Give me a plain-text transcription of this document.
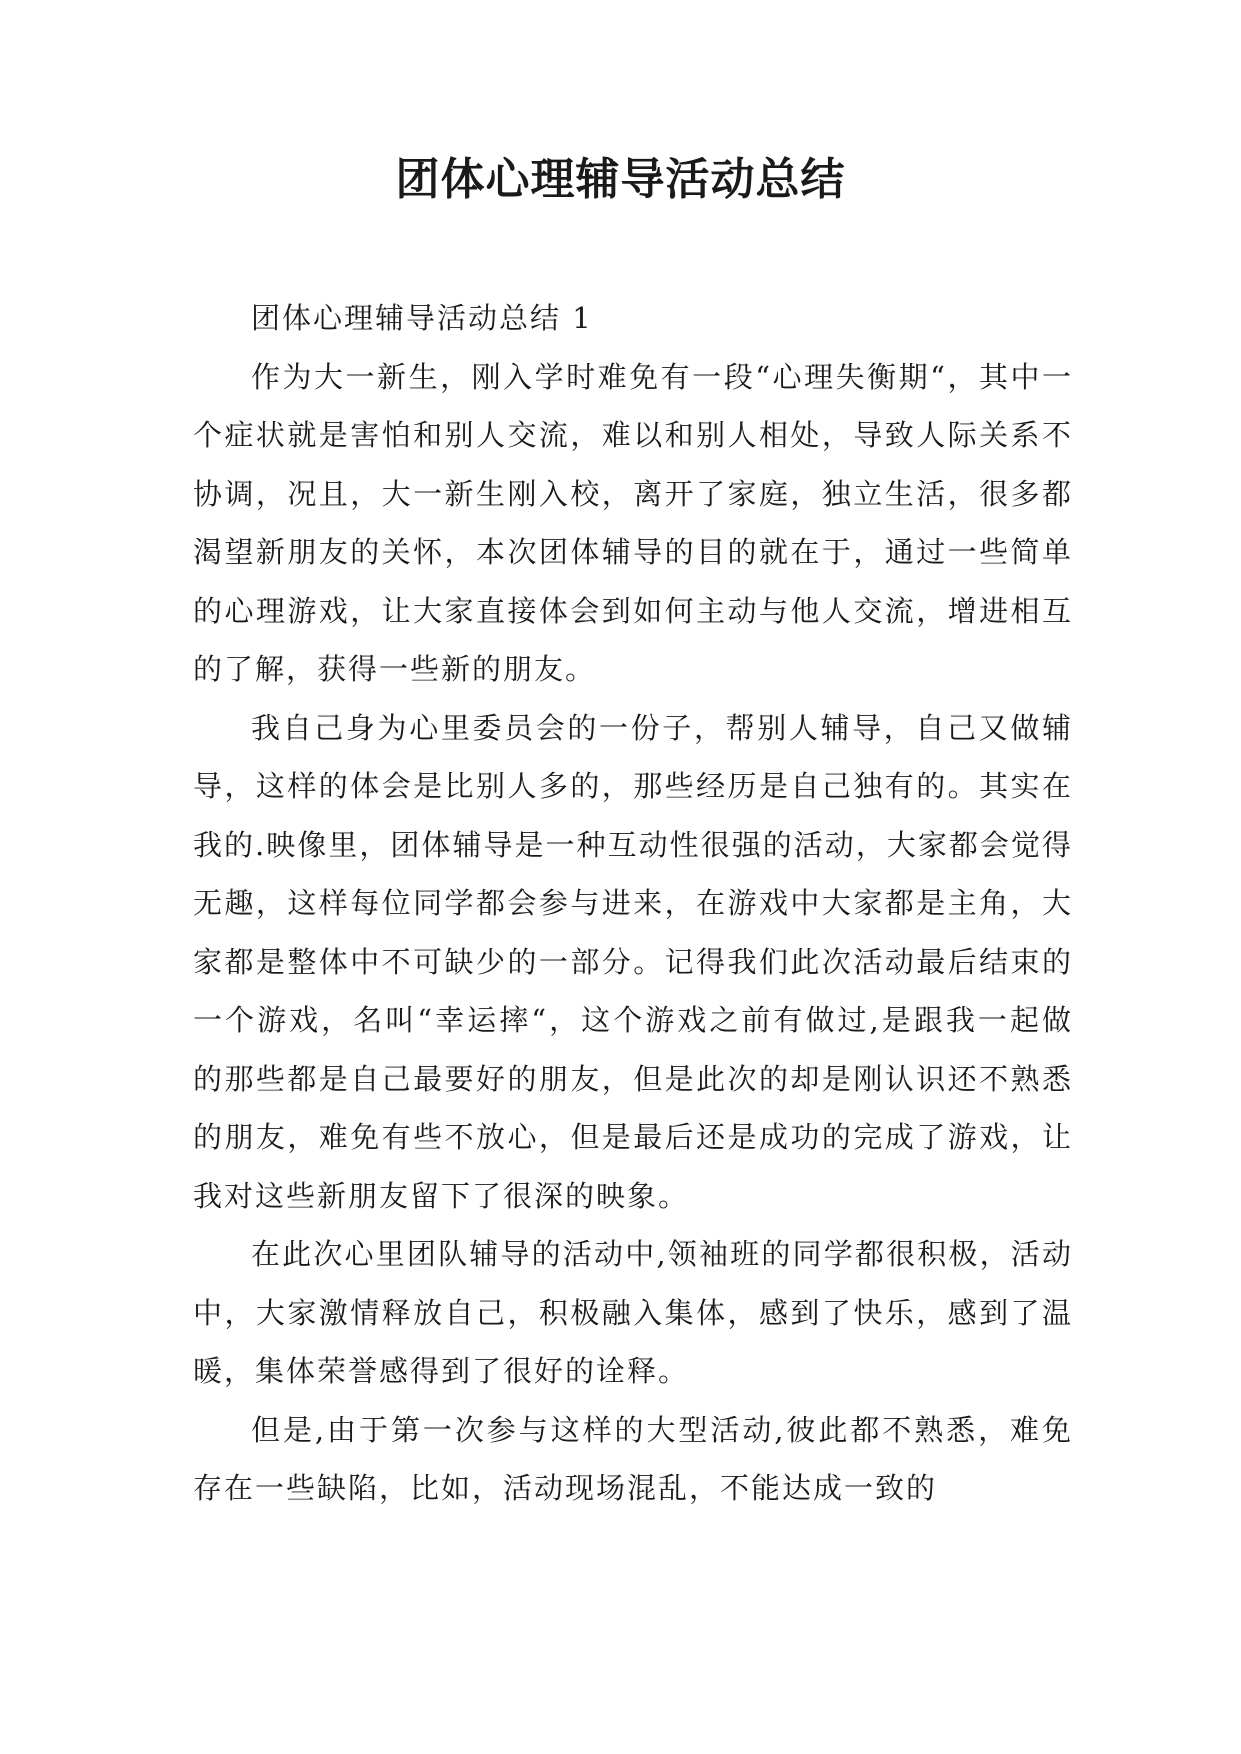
团体心理辅导活动总结

团体心理辅导活动总结 1

作为大一新生，刚入学时难免有一段“心理失衡期“，其中一个症状就是害怕和别人交流，难以和别人相处，导致人际关系不协调，况且，大一新生刚入校，离开了家庭，独立生活，很多都渴望新朋友的关怀，本次团体辅导的目的就在于，通过一些简单的心理游戏，让大家直接体会到如何主动与他人交流，增进相互的了解，获得一些新的朋友。

我自己身为心里委员会的一份子，帮别人辅导，自己又做辅导，这样的体会是比别人多的，那些经历是自己独有的。其实在我的.映像里，团体辅导是一种互动性很强的活动，大家都会觉得无趣，这样每位同学都会参与进来，在游戏中大家都是主角，大家都是整体中不可缺少的一部分。记得我们此次活动最后结束的一个游戏，名叫“幸运摔“，这个游戏之前有做过,是跟我一起做的那些都是自己最要好的朋友，但是此次的却是刚认识还不熟悉的朋友，难免有些不放心，但是最后还是成功的完成了游戏，让我对这些新朋友留下了很深的映象。

在此次心里团队辅导的活动中,领袖班的同学都很积极，活动中，大家激情释放自己，积极融入集体，感到了快乐，感到了温暖，集体荣誉感得到了很好的诠释。

但是,由于第一次参与这样的大型活动,彼此都不熟悉，难免存在一些缺陷，比如，活动现场混乱，不能达成一致的
